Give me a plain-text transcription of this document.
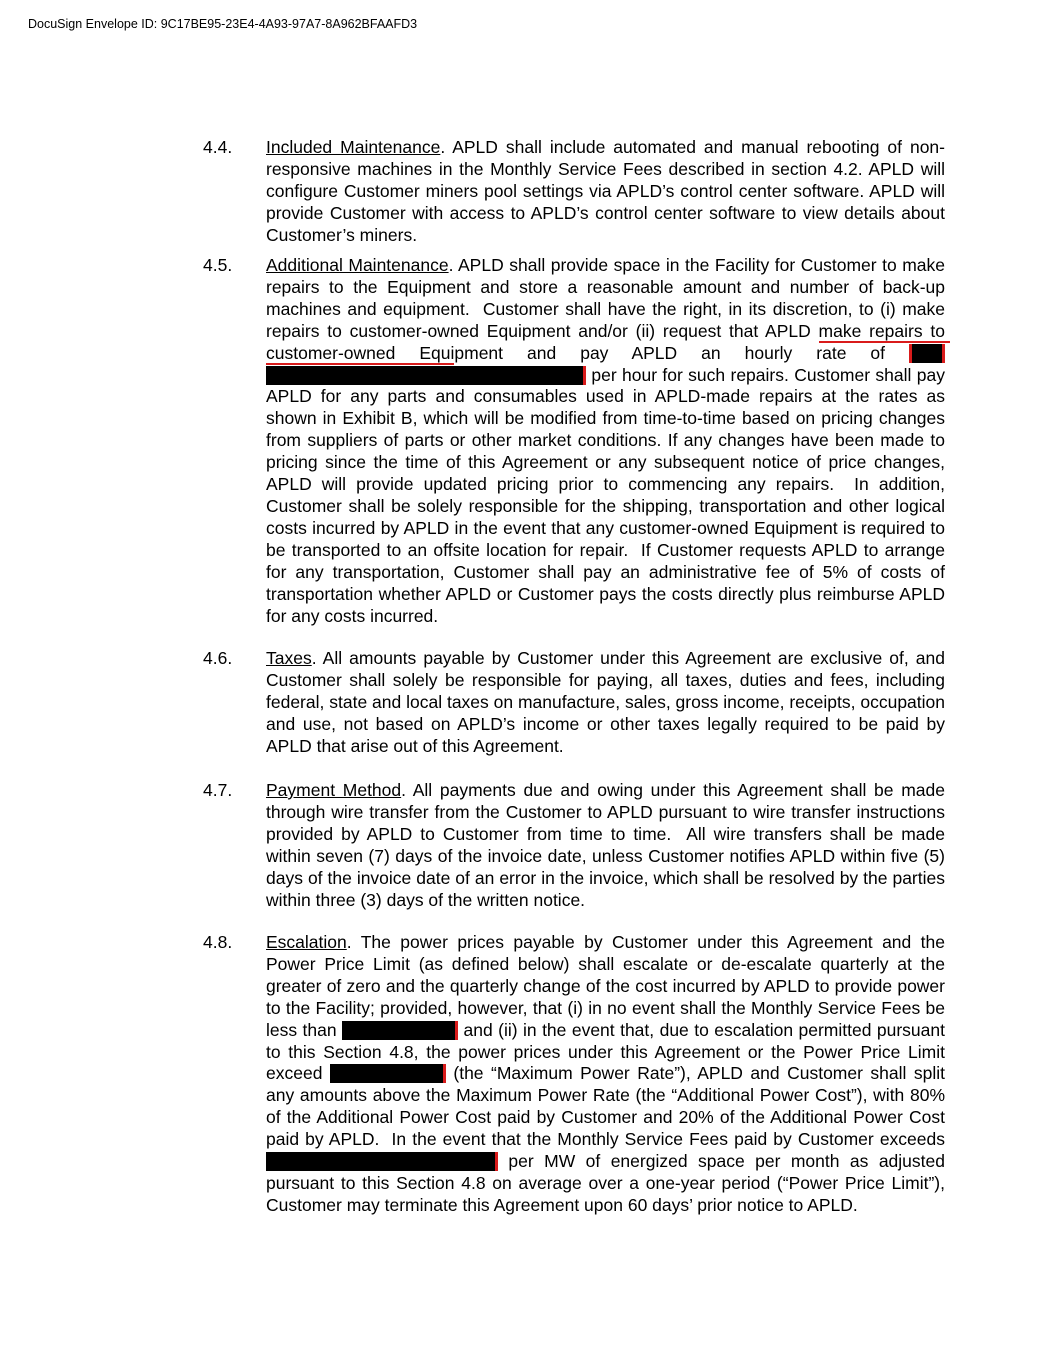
DocuSign Envelope ID: 9C17BE95-23E4-4A93-97A7-8A962BFAAFD3
4.4. Included Maintenance. APLD shall include automated and manual rebooting of non-responsive machines in the Monthly Service Fees described in section 4.2. APLD will configure Customer miners pool settings via APLD’s control center software. APLD will provide Customer with access to APLD’s control center software to view details about Customer’s miners.
4.5. Additional Maintenance. APLD shall provide space in the Facility for Customer to make repairs to the Equipment and store a reasonable amount and number of back-up machines and equipment.  Customer shall have the right, in its discretion, to (i) make repairs to customer-owned Equipment and/or (ii) request that APLD make repairs to customer-owned Equipment and pay APLD an hourly rate of  per hour for such repairs. Customer shall pay APLD for any parts and consumables used in APLD-made repairs at the rates as shown in Exhibit B, which will be modified from time-to-time based on pricing changes from suppliers of parts or other market conditions. If any changes have been made to pricing since the time of this Agreement or any subsequent notice of price changes, APLD will provide updated pricing prior to commencing any repairs.  In addition, Customer shall be solely responsible for the shipping, transportation and other logical costs incurred by APLD in the event that any customer-owned Equipment is required to be transported to an offsite location for repair.  If Customer requests APLD to arrange for any transportation, Customer shall pay an administrative fee of 5% of costs of transportation whether APLD or Customer pays the costs directly plus reimburse APLD for any costs incurred.
4.6. Taxes. All amounts payable by Customer under this Agreement are exclusive of, and Customer shall solely be responsible for paying, all taxes, duties and fees, including federal, state and local taxes on manufacture, sales, gross income, receipts, occupation and use, not based on APLD’s income or other taxes legally required to be paid by APLD that arise out of this Agreement.
4.7. Payment Method. All payments due and owing under this Agreement shall be made through wire transfer from the Customer to APLD pursuant to wire transfer instructions provided by APLD to Customer from time to time.  All wire transfers shall be made within seven (7) days of the invoice date, unless Customer notifies APLD within five (5) days of the invoice date of an error in the invoice, which shall be resolved by the parties within three (3) days of the written notice.
4.8. Escalation. The power prices payable by Customer under this Agreement and the Power Price Limit (as defined below) shall escalate or de-escalate quarterly at the greater of zero and the quarterly change of the cost incurred by APLD to provide power to the Facility; provided, however, that (i) in no event shall the Monthly Service Fees be less than	and (ii) in the event that, due to escalation permitted pursuant to this Section 4.8, the power prices under this Agreement or the Power Price Limit exceed	(the “Maximum Power Rate”), APLD and Customer shall split any amounts above the Maximum Power Rate (the “Additional Power Cost”), with 80% of the Additional Power Cost paid by Customer and 20% of the Additional Power Cost paid by APLD.  In the event that the Monthly Service Fees paid by Customer exceeds  per MW of energized space per month as adjusted pursuant to this Section 4.8 on average over a one-year period (“Power Price Limit”), Customer may terminate this Agreement upon 60 days’ prior notice to APLD.
